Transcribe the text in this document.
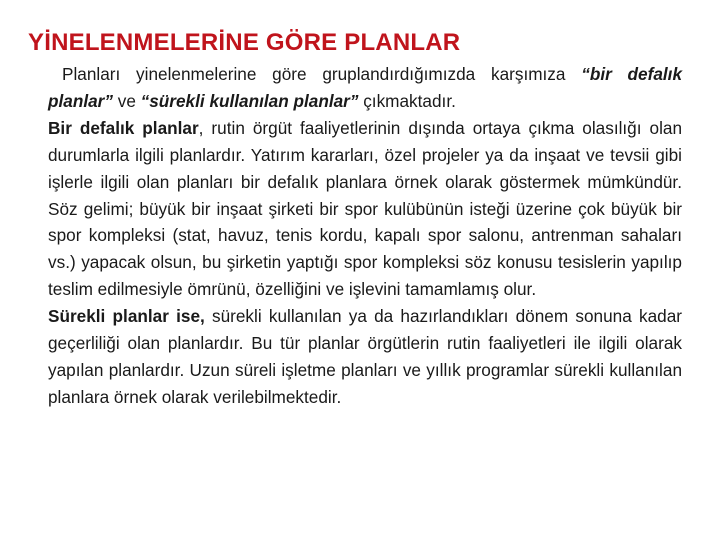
YİNELENMELERİNE GÖRE PLANLAR

Planları yinelenmelerine göre gruplandırdığımızda karşımıza “bir defalık planlar” ve “sürekli kullanılan planlar” çıkmaktadır.

Bir defalık planlar, rutin örgüt faaliyetlerinin dışında ortaya çıkma olasılığı olan durumlarla ilgili planlardır. Yatırım kararları, özel projeler ya da inşaat ve tevsii gibi işlerle ilgili olan planları bir defalık planlara örnek olarak göstermek mümkündür. Söz gelimi; büyük bir inşaat şirketi bir spor kulübünün isteği üzerine çok büyük bir spor kompleksi (stat, havuz, tenis kordu, kapalı spor salonu, antrenman sahaları vs.) yapacak olsun, bu şirketin yaptığı spor kompleksi söz konusu tesislerin yapılıp teslim edilmesiyle ömrünü, özelliğini ve işlevini tamamlamış olur.

Sürekli planlar ise, sürekli kullanılan ya da hazırlandıkları dönem sonuna kadar geçerliliği olan planlardır. Bu tür planlar örgütlerin rutin faaliyetleri ile ilgili olarak yapılan planlardır. Uzun süreli işletme planları ve yıllık programlar sürekli kullanılan planlara örnek olarak verilebilmektedir.
